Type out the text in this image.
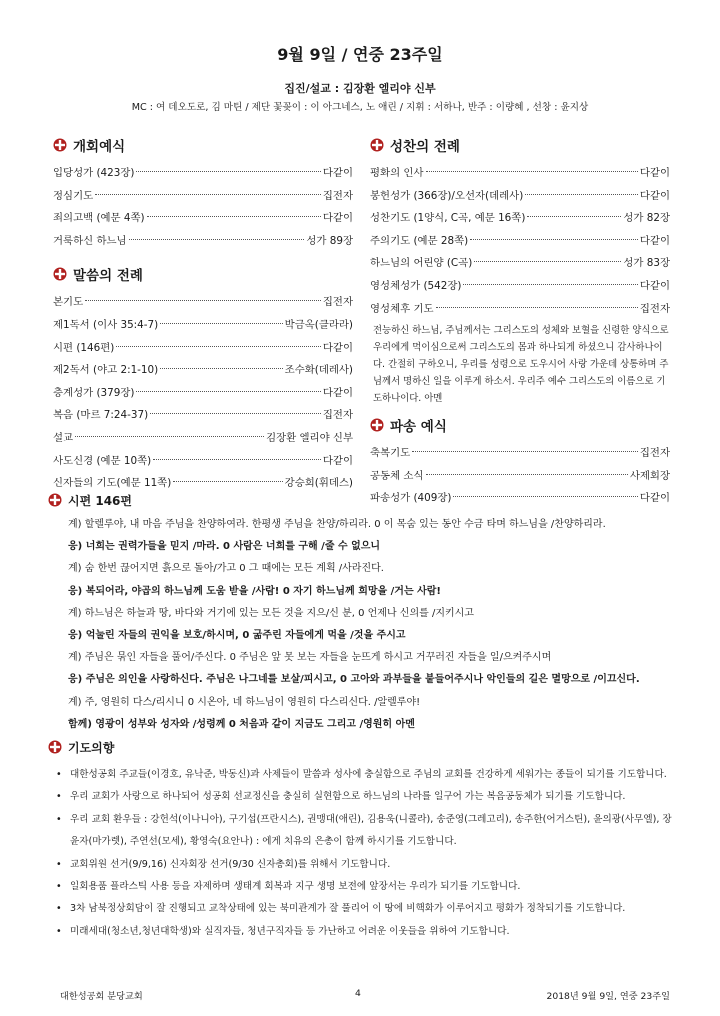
9월 9일 / 연중 23주일
집진/설교 : 김장환 엘리야 신부
MC : 여 데오도로, 김 마틴 / 제단 꽃꽂이 : 이 아그네스, 노 애린 / 지휘 : 서하나, 반주 : 이량혜 , 선창 : 윤지상
개회예식
입당성가 (423장)	다같이
정심기도	집전자
죄의고백 (예문 4쪽)	다같이
거룩하신 하느님	성가 89장
말씀의 전례
본기도	집전자
제1독서 (이사 35:4-7)	박금옥(클라라)
시편 (146편)	다같이
제2독서 (야고 2:1-10)	조수화(데레사)
층계성가 (379장)	다같이
복음 (마르 7:24-37)	집전자
설교	김장환 엘리야 신부
사도신경 (예문 10쪽)	다같이
신자들의 기도(예문 11쪽)	강승희(휘데스)
성찬의 전례
평화의 인사	다같이
봉헌성가 (366장)/오선자(데레사)	다같이
성찬기도 (1양식, C곡, 예문 16쪽)	성가 82장
주의기도 (예문 28쪽)	다같이
하느님의 어린양 (C곡)	성가 83장
영성체성가 (542장)	다같이
영성체후 기도	집전자
전능하신 하느님, 주님께서는 그리스도의 성체와 보혈을 신령한 양식으로 우리에게 먹이심으로써 그리스도의 몸과 하나되게 하셨으니 감사하나이다. 간절히 구하오니, 우리를 성령으로 도우시어 사랑 가운데 상통하며 주님께서 명하신 일을 이루게 하소서. 우리주 예수 그리스도의 이름으로 기도하나이다. 아멘
파송 예식
축복기도	집전자
공동체 소식	사제회장
파송성가 (409장)	다같이
시편 146편
계) 할렐루야, 내 마음 주님을 찬양하여라. 한평생 주님을 찬양/하리라. 0 이 목숨 있는 동안 수금 타며 하느님을 /찬양하리라.
응) 너희는 권력가들을 믿지 /마라. 0 사람은 너희를 구해 /줄 수 없으니
계) 숨 한번 끊어지면 흙으로 돌아/가고 0 그 때에는 모든 계획 /사라진다.
응) 복되어라, 야곱의 하느님께 도움 받을 /사람! 0 자기 하느님께 희망을 /거는 사람!
계) 하느님은 하늘과 땅, 바다와 거기에 있는 모든 것을 지으/신 분, 0 언제나 신의를 /지키시고
응) 억눌린 자들의 권익을 보호/하시며, 0 굶주린 자들에게 먹을 /것을 주시고
계) 주님은 묶인 자들을 풀어/주신다. 0 주님은 앞 못 보는 자들을 눈뜨게 하시고 거꾸러진 자들을 일/으켜주시며
응) 주님은 의인을 사랑하신다. 주님은 나그네를 보살/피시고, 0 고아와 과부들을 붙들어주시나 악인들의 길은 멸망으로 /이끄신다.
계) 주, 영원히 다스/리시니 0 시온아, 네 하느님이 영원히 다스리신다. /알렐루야!
함께) 영광이 성부와 성자와 /성령께 0 처음과 같이 지금도 그리고 /영원히 아멘
기도의향
• 대한성공회 주교들(이경호, 유낙준, 박동신)과 사제들이 말씀과 성사에 충실함으로 주님의 교회를 건강하게 세워가는 종들이 되기를 기도합니다.
• 우리 교회가 사랑으로 하나되어 성공회 선교정신을 충실히 실현함으로 하느님의 나라를 일구어 가는 복음공동체가 되기를 기도합니다.
• 우리 교회 환우들 : 강헌석(이나니아), 구기섭(프란시스), 권맹대(애린), 김용욱(니콜라), 송준영(그레고리), 송주한(어거스틴), 윤의광(사무엘), 장윤자(마가렛), 주연선(모세), 황영숙(요안나) : 에게 치유의 은총이 함께 하시기를 기도합니다.
• 교회위원 선거(9/9,16) 신자회장 선거(9/30 신자총회)를 위해서 기도합니다.
• 일회용품 플라스틱 사용 등을 자제하며 생태계 회복과 지구 생명 보전에 앞장서는 우리가 되기를 기도합니다.
• 3차 남북정상회담이 잘 진행되고 교착상태에 있는 북미관계가 잘 풀리어 이 땅에 비핵화가 이루어지고 평화가 정착되기를 기도합니다.
• 미래세대(청소년,청년대학생)와 실직자들, 청년구직자들 등 가난하고 어려운 이웃들을 위하여 기도합니다.
대한성공회 분당교회	4	2018년 9월 9일, 연중 23주일
